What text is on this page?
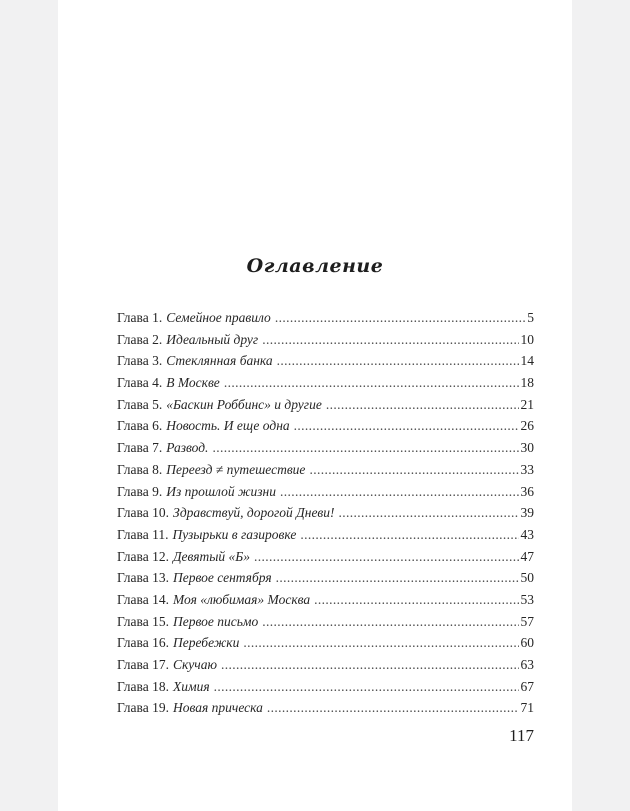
Оглавление
Глава 1. Семейное правило . . .	5
Глава 2. Идеальный друг . . .	10
Глава 3. Стеклянная банка . . .	14
Глава 4. В Москве . . .	18
Глава 5. «Баскин Роббинс» и другие . . .	21
Глава 6. Новость. И еще одна . . .	26
Глава 7. Развод. . . .	30
Глава 8. Переезд ≠ путешествие . . .	33
Глава 9. Из прошлой жизни . . .	36
Глава 10. Здравствуй, дорогой Дневи! . . .	39
Глава 11. Пузырьки в газировке . . .	43
Глава 12. Девятый «Б» . . .	47
Глава 13. Первое сентября . . .	50
Глава 14. Моя «любимая» Москва . . .	53
Глава 15. Первое письмо . . .	57
Глава 16. Перебежки . . .	60
Глава 17. Скучаю . . .	63
Глава 18. Химия . . .	67
Глава 19. Новая прическа . . .	71
117
